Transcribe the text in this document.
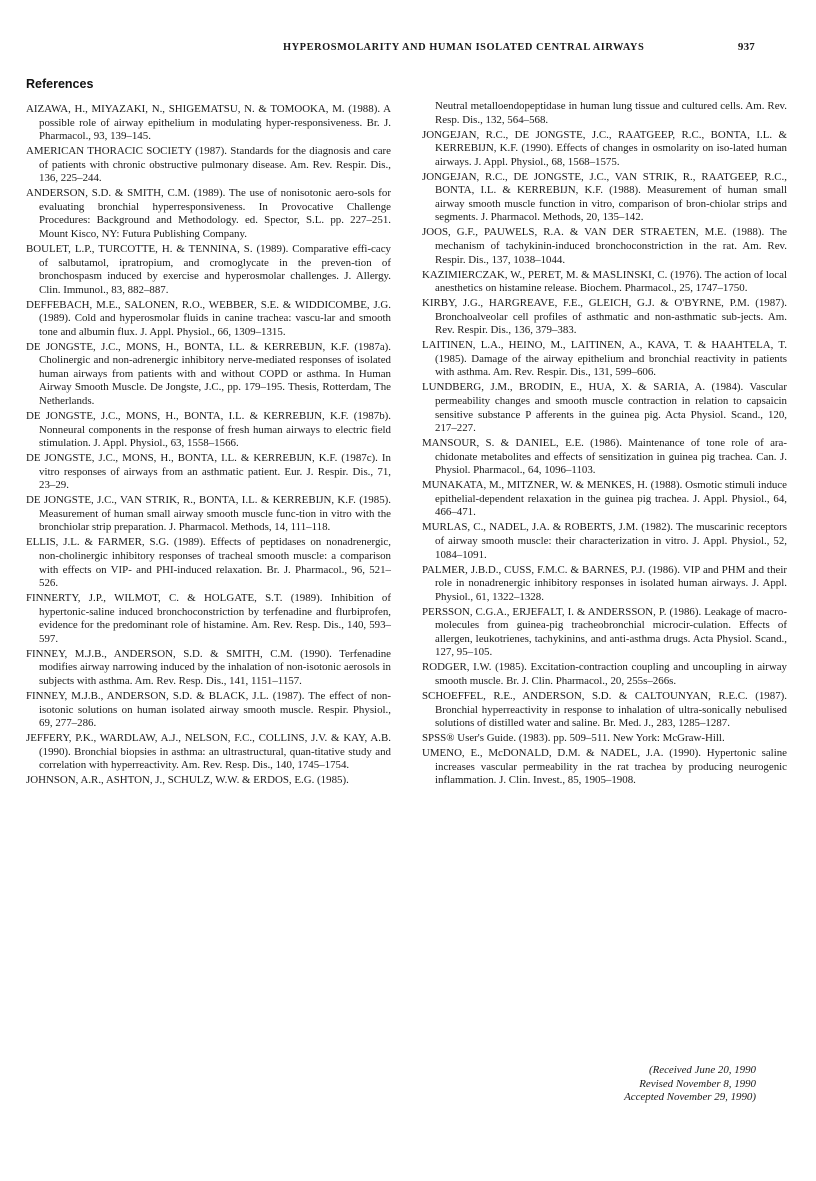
HYPEROSMOLARITY AND HUMAN ISOLATED CENTRAL AIRWAYS	937
References

AIZAWA, H., MIYAZAKI, N., SHIGEMATSU, N. & TOMOOKA, M. (1988). A possible role of airway epithelium in modulating hyper-responsiveness. Br. J. Pharmacol., 93, 139–145.

AMERICAN THORACIC SOCIETY (1987). Standards for the diagnosis and care of patients with chronic obstructive pulmonary disease. Am. Rev. Respir. Dis., 136, 225–244.

ANDERSON, S.D. & SMITH, C.M. (1989). The use of nonisotonic aero-sols for evaluating bronchial hyperresponsiveness. In Provocative Challenge Procedures: Background and Methodology. ed. Spector, S.L. pp. 227–251. Mount Kisco, NY: Futura Publishing Company.

BOULET, L.P., TURCOTTE, H. & TENNINA, S. (1989). Comparative effi-cacy of salbutamol, ipratropium, and cromoglycate in the preven-tion of bronchospasm induced by exercise and hyperosmolar challenges. J. Allergy. Clin. Immunol., 83, 882–887.

DEFFEBACH, M.E., SALONEN, R.O., WEBBER, S.E. & WIDDICOMBE, J.G. (1989). Cold and hyperosmolar fluids in canine trachea: vascu-lar and smooth tone and albumin flux. J. Appl. Physiol., 66, 1309–1315.

DE JONGSTE, J.C., MONS, H., BONTA, I.L. & KERREBIJN, K.F. (1987a). Cholinergic and non-adrenergic inhibitory nerve-mediated responses of isolated human airways from patients with and without COPD or asthma. In Human Airway Smooth Muscle. De Jongste, J.C., pp. 179–195. Thesis, Rotterdam, The Netherlands.

DE JONGSTE, J.C., MONS, H., BONTA, I.L. & KERREBIJN, K.F. (1987b). Nonneural components in the response of fresh human airways to electric field stimulation. J. Appl. Physiol., 63, 1558–1566.

DE JONGSTE, J.C., MONS, H., BONTA, I.L. & KERREBIJN, K.F. (1987c). In vitro responses of airways from an asthmatic patient. Eur. J. Respir. Dis., 71, 23–29.

DE JONGSTE, J.C., VAN STRIK, R., BONTA, I.L. & KERREBIJN, K.F. (1985). Measurement of human small airway smooth muscle func-tion in vitro with the bronchiolar strip preparation. J. Pharmacol. Methods, 14, 111–118.

ELLIS, J.L. & FARMER, S.G. (1989). Effects of peptidases on nonadrenergic, non-cholinergic inhibitory responses of tracheal smooth muscle: a comparison with effects on VIP- and PHI-induced relaxation. Br. J. Pharmacol., 96, 521–526.

FINNERTY, J.P., WILMOT, C. & HOLGATE, S.T. (1989). Inhibition of hypertonic-saline induced bronchoconstriction by terfenadine and flurbiprofen, evidence for the predominant role of histamine. Am. Rev. Resp. Dis., 140, 593–597.

FINNEY, M.J.B., ANDERSON, S.D. & SMITH, C.M. (1990). Terfenadine modifies airway narrowing induced by the inhalation of non-isotonic aerosols in subjects with asthma. Am. Rev. Resp. Dis., 141, 1151–1157.

FINNEY, M.J.B., ANDERSON, S.D. & BLACK, J.L. (1987). The effect of non-isotonic solutions on human isolated airway smooth muscle. Respir. Physiol., 69, 277–286.

JEFFERY, P.K., WARDLAW, A.J., NELSON, F.C., COLLINS, J.V. & KAY, A.B. (1990). Bronchial biopsies in asthma: an ultrastructural, quan-titative study and correlation with hyperreactivity. Am. Rev. Resp. Dis., 140, 1745–1754.

JOHNSON, A.R., ASHTON, J., SCHULZ, W.W. & ERDOS, E.G. (1985).

Neutral metalloendopeptidase in human lung tissue and cultured cells. Am. Rev. Resp. Dis., 132, 564–568.

JONGEJAN, R.C., DE JONGSTE, J.C., RAATGEEP, R.C., BONTA, I.L. & KERREBIJN, K.F. (1990). Effects of changes in osmolarity on iso-lated human airways. J. Appl. Physiol., 68, 1568–1575.

JONGEJAN, R.C., DE JONGSTE, J.C., VAN STRIK, R., RAATGEEP, R.C., BONTA, I.L. & KERREBIJN, K.F. (1988). Measurement of human small airway smooth muscle function in vitro, comparison of bron-chiolar strips and segments. J. Pharmacol. Methods, 20, 135–142.

JOOS, G.F., PAUWELS, R.A. & VAN DER STRAETEN, M.E. (1988). The mechanism of tachykinin-induced bronchoconstriction in the rat. Am. Rev. Respir. Dis., 137, 1038–1044.

KAZIMIERCZAK, W., PERET, M. & MASLINSKI, C. (1976). The action of local anesthetics on histamine release. Biochem. Pharmacol., 25, 1747–1750.

KIRBY, J.G., HARGREAVE, F.E., GLEICH, G.J. & O'BYRNE, P.M. (1987). Bronchoalveolar cell profiles of asthmatic and non-asthmatic sub-jects. Am. Rev. Respir. Dis., 136, 379–383.

LAITINEN, L.A., HEINO, M., LAITINEN, A., KAVA, T. & HAAHTELA, T. (1985). Damage of the airway epithelium and bronchial reactivity in patients with asthma. Am. Rev. Respir. Dis., 131, 599–606.

LUNDBERG, J.M., BRODIN, E., HUA, X. & SARIA, A. (1984). Vascular permeability changes and smooth muscle contraction in relation to capsaicin sensitive substance P afferents in the guinea pig. Acta Physiol. Scand., 120, 217–227.

MANSOUR, S. & DANIEL, E.E. (1986). Maintenance of tone role of ara-chidonate metabolites and effects of sensitization in guinea pig trachea. Can. J. Physiol. Pharmacol., 64, 1096–1103.

MUNAKATA, M., MITZNER, W. & MENKES, H. (1988). Osmotic stimuli induce epithelial-dependent relaxation in the guinea pig trachea. J. Appl. Physiol., 64, 466–471.

MURLAS, C., NADEL, J.A. & ROBERTS, J.M. (1982). The muscarinic receptors of airway smooth muscle: their characterization in vitro. J. Appl. Physiol., 52, 1084–1091.

PALMER, J.B.D., CUSS, F.M.C. & BARNES, P.J. (1986). VIP and PHM and their role in nonadrenergic inhibitory responses in isolated human airways. J. Appl. Physiol., 61, 1322–1328.

PERSSON, C.G.A., ERJEFALT, I. & ANDERSSON, P. (1986). Leakage of macro-molecules from guinea-pig tracheobronchial microcir-culation. Effects of allergen, leukotrienes, tachykinins, and anti-asthma drugs. Acta Physiol. Scand., 127, 95–105.

RODGER, I.W. (1985). Excitation-contraction coupling and uncoupling in airway smooth muscle. Br. J. Clin. Pharmacol., 20, 255s–266s.

SCHOEFFEL, R.E., ANDERSON, S.D. & CALTOUNYAN, R.E.C. (1987). Bronchial hyperreactivity in response to inhalation of ultra-sonically nebulised solutions of distilled water and saline. Br. Med. J., 283, 1285–1287.

SPSS® User's Guide. (1983). pp. 509–511. New York: McGraw-Hill.

UMENO, E., McDONALD, D.M. & NADEL, J.A. (1990). Hypertonic saline increases vascular permeability in the rat trachea by producing neurogenic inflammation. J. Clin. Invest., 85, 1905–1908.

(Received June 20, 1990
Revised November 8, 1990
Accepted November 29, 1990)
